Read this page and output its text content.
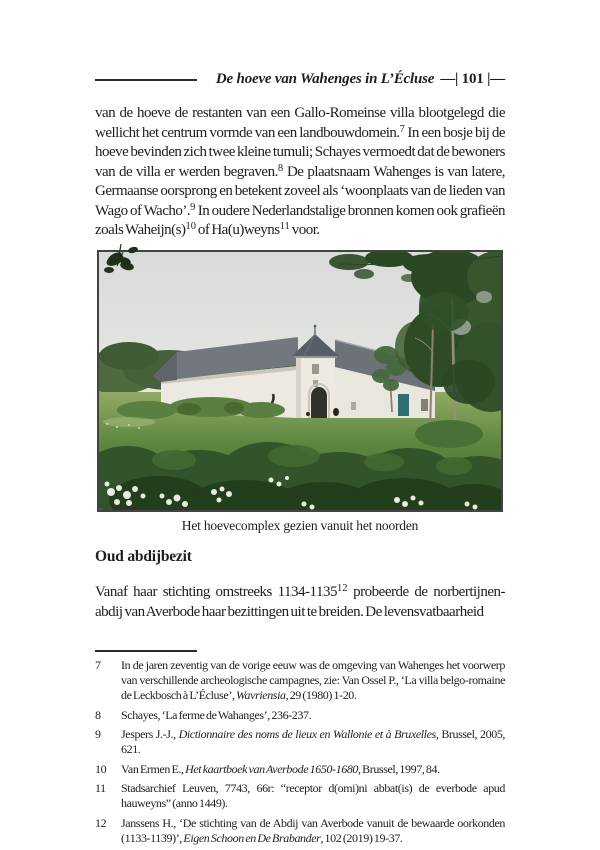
De hoeve van Wahenges in L’Écluse —| 101 |—

van de hoeve de restanten van een Gallo-Romeinse villa blootgelegd die wellicht het centrum vormde van een landbouwdomein.$^7$ In een bosje bij de hoeve bevinden zich twee kleine tumuli; Schayes vermoedt dat de bewoners van de villa er werden begraven.$^8$ De plaatsnaam Wahenges is van latere, Germaanse oorsprong en betekent zoveel als ‘woonplaats van de lieden van Wago of Wacho’.$^9$ In oudere Nederlandstalige bronnen komen ook grafieën zoals Waheijn(s)$^{10}$ of Ha(u)weyns$^{11}$ voor.

Het hoevecomplex gezien vanuit het noorden
Oud abdijbezit

Vanaf haar stichting omstreeks 1134-1135$^{12}$ probeerde de norbertijnen-abdij van Averbode haar bezittingen uit te breiden. De levensvatbaarheid

7	In de jaren zeventig van de vorige eeuw was de omgeving van Wahenges het voorwerp van verschillende archeologische campagnes, zie: Van Ossel P., ‘La villa belgo-romaine de Leckbosch à L’Écluse’, Wavriensia, 29 (1980) 1-20.
8	Schayes, ‘La ferme de Wahanges’, 236-237.
9	Jespers J.-J., Dictionnaire des noms de lieux en Wallonie et à Bruxelles, Brussel, 2005, 621.
10	Van Ermen E., Het kaartboek van Averbode 1650-1680, Brussel, 1997, 84.
11	Stadsarchief Leuven, 7743, 66r: “receptor d(omi)ni abbat(is) de everbode apud hauweyns” (anno 1449).
12	Janssens H., ‘De stichting van de Abdij van Averbode vanuit de bewaarde oorkonden (1133-1139)’, Eigen Schoon en De Brabander, 102 (2019) 19-37.
